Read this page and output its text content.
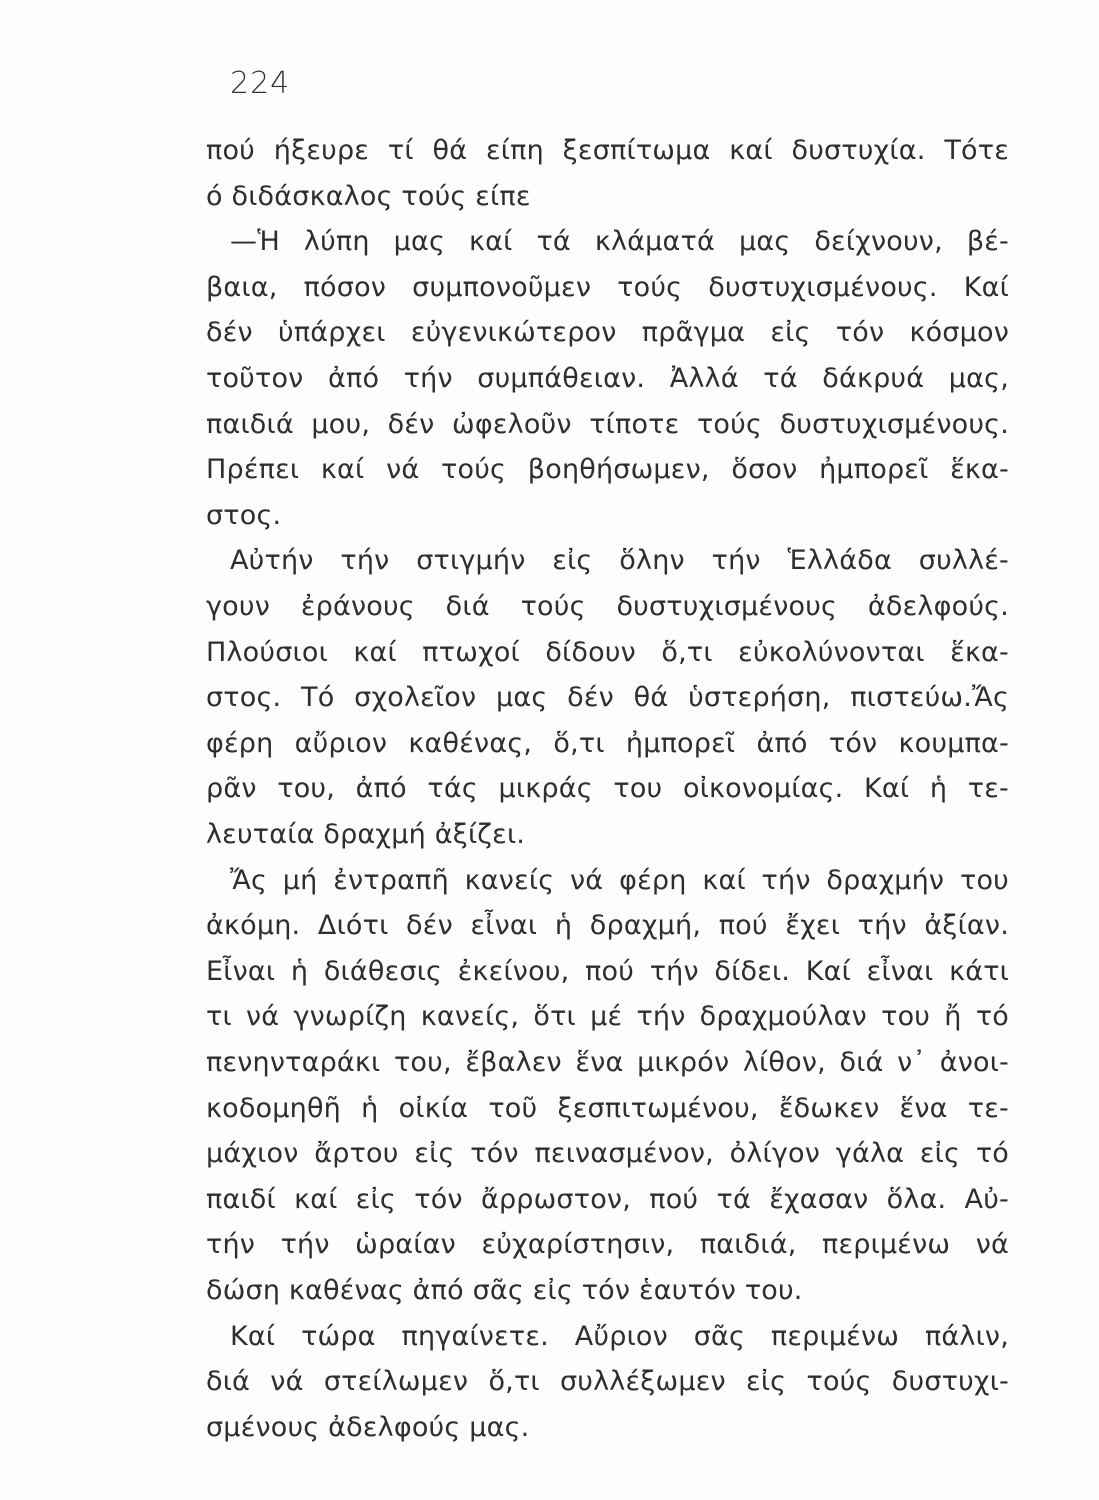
224
πού ήξευρε τί θά είπη ξεσπίτωμα καί δυστυχία. Τότε
ό διδάσκαλος τούς είπε
—Ἡ λύπη μας καί τά κλάματά μας δείχνουν, βέ-
βαια, πόσον συμπονοῦμεν τούς δυστυχισμένους. Καί
δέν ὑπάρχει εὐγενικώτερον πρᾶγμα εἰς τόν κόσμον
τοῦτον ἀπό τήν συμπάθειαν. Ἀλλά τά δάκρυά μας,
παιδιά μου, δέν ὠφελοῦν τίποτε τούς δυστυχισμένους.
Πρέπει καί νά τούς βοηθήσωμεν, ὅσον ἠμπορεῖ ἕκα-
στος.
Αὐτήν τήν στιγμήν εἰς ὅλην τήν Ἑλλάδα συλλέ-
γουν ἐράνους διά τούς δυστυχισμένους ἀδελφούς.
Πλούσιοι καί πτωχοί δίδουν ὅ,τι εὐκολύνονται ἕκα-
στος. Τό σχολεῖον μας δέν θά ὑστερήση, πιστεύω.Ἄς
φέρη αὔριον καθένας, ὅ,τι ἠμπορεῖ ἀπό τόν κουμπα-
ρᾶν του, ἀπό τάς μικράς του οἰκονομίας. Καί ἡ τε-
λευταία δραχμή ἀξίζει.
Ἄς μή ἐντραπῆ κανείς νά φέρη καί τήν δραχμήν του
ἀκόμη. Διότι δέν εἶναι ἡ δραχμή, πού ἔχει τήν ἀξίαν.
Εἶναι ἡ διάθεσις ἐκείνου, πού τήν δίδει. Καί εἶναι κάτι
τι νά γνωρίζη κανείς, ὅτι μέ τήν δραχμούλαν του ἤ τό
πενηνταράκι του, ἔβαλεν ἕνα μικρόν λίθον, διά ν᾽ ἀνοι-
κοδομηθῆ ἡ οἰκία τοῦ ξεσπιτωμένου, ἔδωκεν ἕνα τε-
μάχιον ἄρτου εἰς τόν πεινασμένον, ὀλίγον γάλα εἰς τό
παιδί καί εἰς τόν ἄρρωστον, πού τά ἔχασαν ὅλα. Αὐ-
τήν τήν ὡραίαν εὐχαρίστησιν, παιδιά, περιμένω νά
δώση καθένας ἀπό σᾶς εἰς τόν ἑαυτόν του.
Καί τώρα πηγαίνετε. Αὔριον σᾶς περιμένω πάλιν,
διά νά στείλωμεν ὅ,τι συλλέξωμεν εἰς τούς δυστυχι-
σμένους ἀδελφούς μας.
